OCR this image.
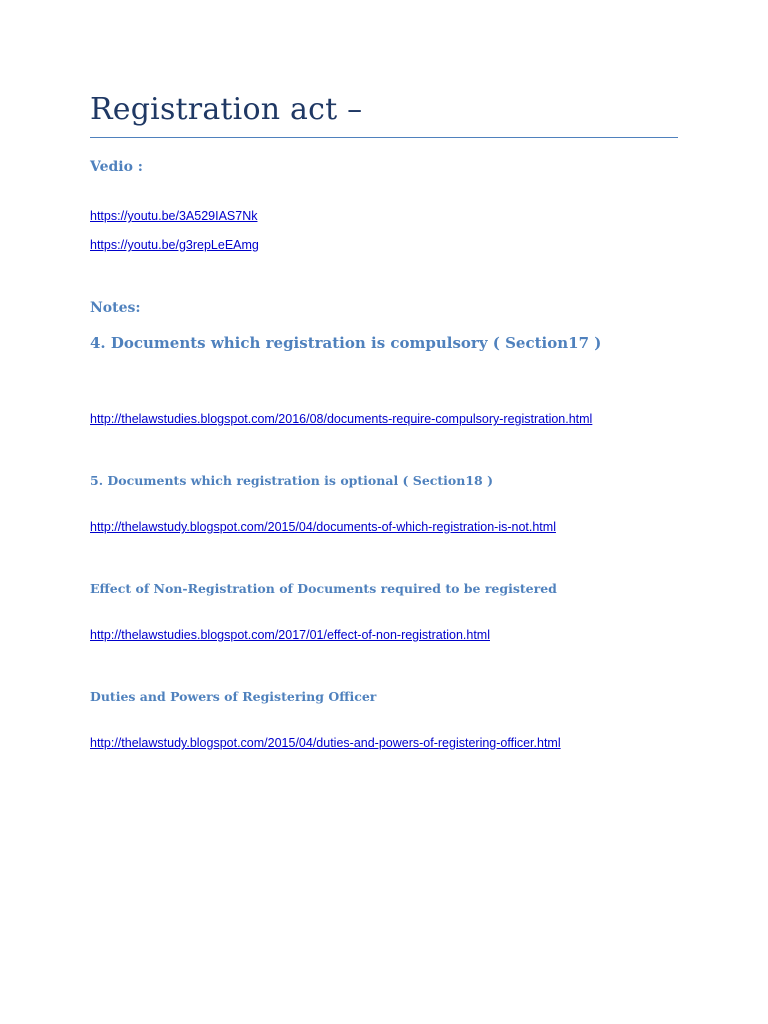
Registration act –
Vedio :
https://youtu.be/3A529IAS7Nk
https://youtu.be/g3repLeEAmg
Notes:
4. Documents which registration is compulsory ( Section17 )
http://thelawstudies.blogspot.com/2016/08/documents-require-compulsory-registration.html
5. Documents which registration is optional ( Section18 )
http://thelawstudy.blogspot.com/2015/04/documents-of-which-registration-is-not.html
Effect of Non-Registration of Documents required to be registered
http://thelawstudies.blogspot.com/2017/01/effect-of-non-registration.html
Duties and Powers of Registering Officer
http://thelawstudy.blogspot.com/2015/04/duties-and-powers-of-registering-officer.html
